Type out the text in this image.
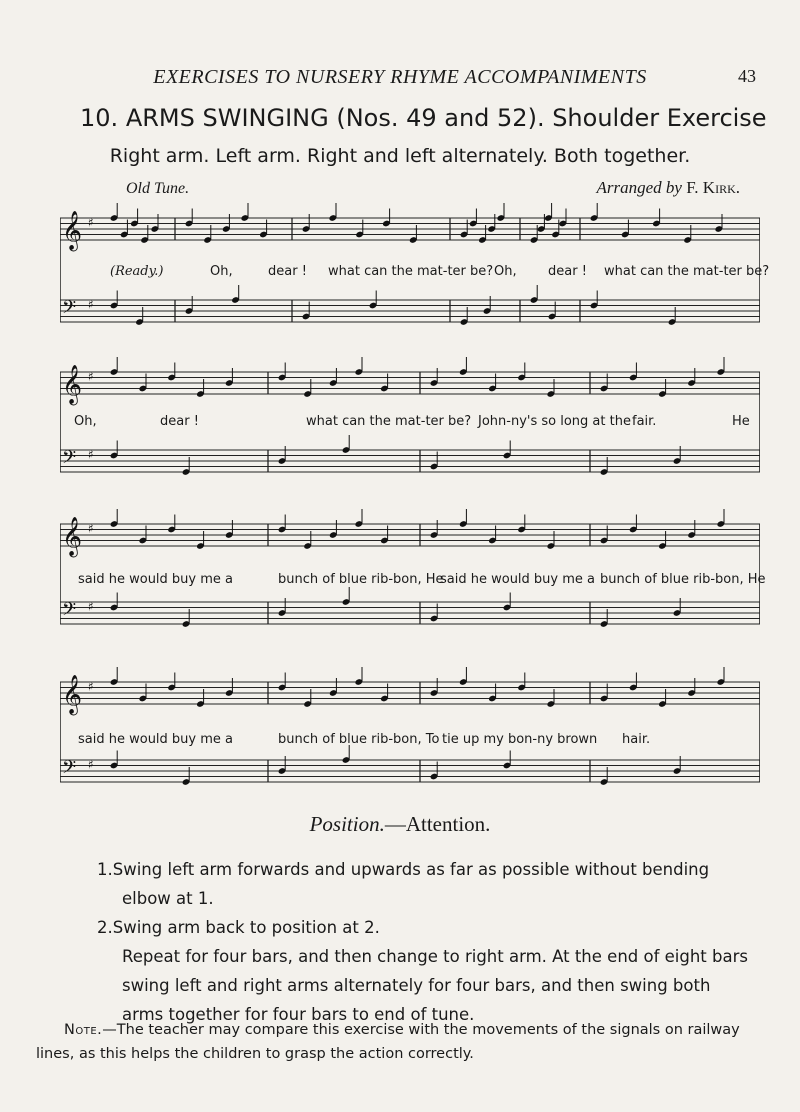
EXERCISES TO NURSERY RHYME ACCOMPANIMENTS	43
10. ARMS SWINGING (Nos. 49 and 52). Shoulder Exercise
Right arm. Left arm. Right and left alternately. Both together.
Old Tune.	Arranged by F. Kirk.
𝄞 ♯
𝄢 ♯
(Ready.)	Oh,	dear ! what can the mat-ter be? Oh, dear ! what can the mat-ter be?
𝄞 ♯
𝄢 ♯
Oh,	dear !	what can the mat-ter be? John-ny's so long at the fair.	He
𝄞 ♯
𝄢 ♯
said he would buy me a	bunch of blue rib-bon, He
said he would buy me a bunch of blue rib-bon, He
𝄞 ♯
𝄢 ♯
said he would buy me a	bunch of blue rib-bon, To tie up my bon-ny brown hair.
Position.—Attention.
1.Swing left arm forwards and upwards as far as possible without bending elbow at 1.
2.Swing arm back to position at 2.
Repeat for four bars, and then change to right arm. At the end of eight bars swing left and right arms alternately for four bars, and then swing both arms together for four bars to end of tune.
Note.—The teacher may compare this exercise with the movements of the signals on railway lines, as this helps the children to grasp the action correctly.
